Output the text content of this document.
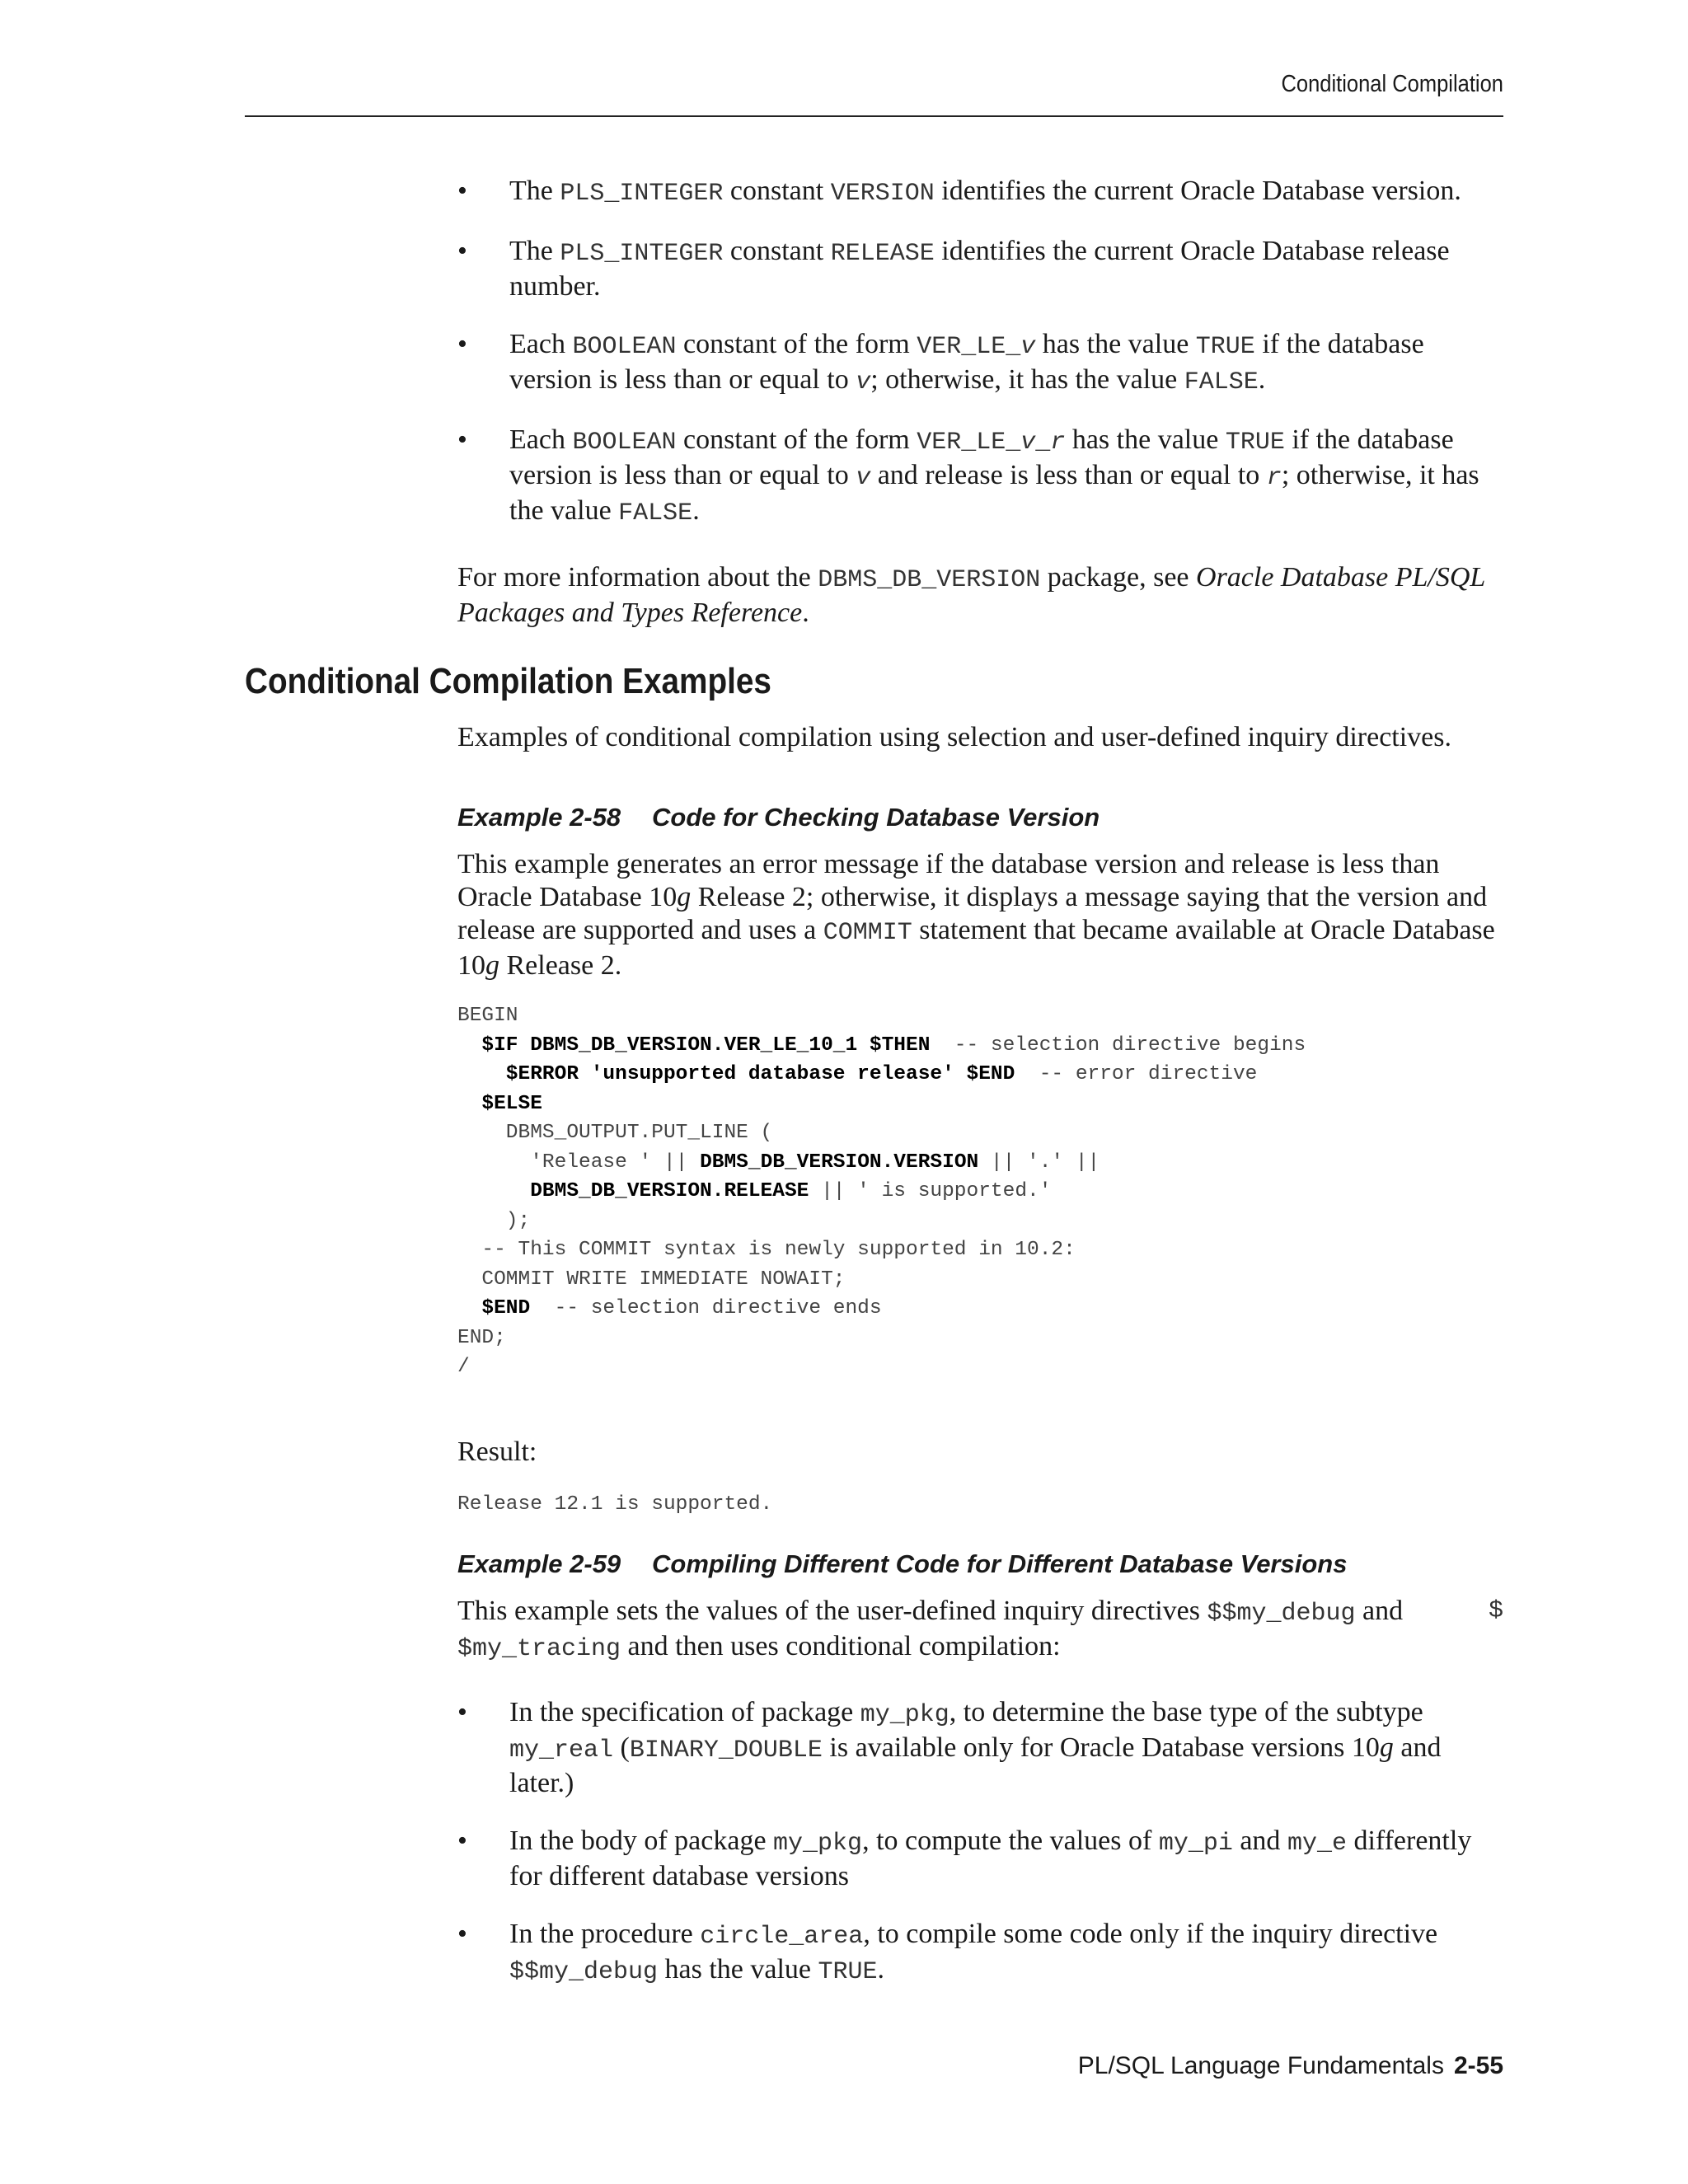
Conditional Compilation
• The PLS_INTEGER constant VERSION identifies the current Oracle Database version.
• The PLS_INTEGER constant RELEASE identifies the current Oracle Database release number.
• Each BOOLEAN constant of the form VER_LE_v has the value TRUE if the database version is less than or equal to v; otherwise, it has the value FALSE.
• Each BOOLEAN constant of the form VER_LE_v_r has the value TRUE if the database version is less than or equal to v and release is less than or equal to r; otherwise, it has the value FALSE.

For more information about the DBMS_DB_VERSION package, see Oracle Database PL/SQL Packages and Types Reference.

Conditional Compilation Examples

Examples of conditional compilation using selection and user-defined inquiry directives.

Example 2-58 Code for Checking Database Version

This example generates an error message if the database version and release is less than Oracle Database 10g Release 2; otherwise, it displays a message saying that the version and release are supported and uses a COMMIT statement that became available at Oracle Database 10g Release 2.

BEGIN
$IF DBMS_DB_VERSION.VER_LE_10_1 $THEN  -- selection directive begins
$ERROR 'unsupported database release' $END  -- error directive
$ELSE
DBMS_OUTPUT.PUT_LINE (
'Release ' || DBMS_DB_VERSION.VERSION || '.' ||
DBMS_DB_VERSION.RELEASE || ' is supported.'
);
-- This COMMIT syntax is newly supported in 10.2:
COMMIT WRITE IMMEDIATE NOWAIT;
$END  -- selection directive ends
END;
/

Result:

Release 12.1 is supported.
Example 2-59 Compiling Different Code for Different Database Versions
This example sets the values of the user-defined inquiry directives $$my_debug and	$
$my_tracing and then uses conditional compilation:
• In the specification of package my_pkg, to determine the base type of the subtype my_real (BINARY_DOUBLE is available only for Oracle Database versions 10g and later.)
• In the body of package my_pkg, to compute the values of my_pi and my_e differently for different database versions
• In the procedure circle_area, to compile some code only if the inquiry directive $$my_debug has the value TRUE.
PL/SQL Language Fundamentals 2-55
